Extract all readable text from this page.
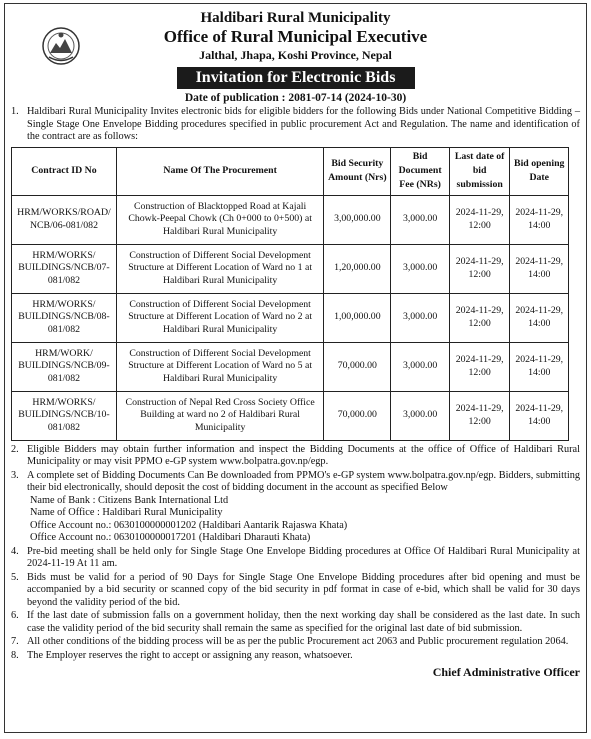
Haldibari Rural Municipality
Office of Rural Municipal Executive
Jalthal, Jhapa, Koshi Province, Nepal
Invitation for Electronic Bids
Date of publication : 2081-07-14 (2024-10-30)
1. Haldibari Rural Municipality Invites electronic bids for eligible bidders for the following Bids under National Competitive Bidding – Single Stage One Envelope Bidding procedures specified in public procurement Act and Regulation. The name and identification of the contract are as follows:
Contract ID No	Name Of The Procurement	Bid Security Amount (Nrs)	Bid Document Fee (NRs)	Last date of bid submission	Bid opening Date
HRM/WORKS/ROAD/ NCB/06-081/082	Construction of Blacktopped Road at Kajali Chowk-Peepal Chowk (Ch 0+000 to 0+500) at Haldibari Rural Municipality	3,00,000.00	3,000.00	2024-11-29, 12:00	2024-11-29, 14:00
HRM/WORKS/ BUILDINGS/NCB/07-081/082	Construction of Different Social Development Structure at Different Location of Ward no 1 at Haldibari Rural Municipality	1,20,000.00	3,000.00	2024-11-29, 12:00	2024-11-29, 14:00
HRM/WORKS/ BUILDINGS/NCB/08-081/082	Construction of Different Social Development Structure at Different Location of Ward no 2 at Haldibari Rural Municipality	1,00,000.00	3,000.00	2024-11-29, 12:00	2024-11-29, 14:00
HRM/WORK/ BUILDINGS/NCB/09-081/082	Construction of Different Social Development Structure at Different Location of Ward no 5 at Haldibari Rural Municipality	70,000.00	3,000.00	2024-11-29, 12:00	2024-11-29, 14:00
HRM/WORKS/ BUILDINGS/NCB/10-081/082	Construction of Nepal Red Cross Society Office Building at ward no 2 of Haldibari Rural Municipality	70,000.00	3,000.00	2024-11-29, 12:00	2024-11-29, 14:00
2. Eligible Bidders may obtain further information and inspect the Bidding Documents at the office of Office of Haldibari Rural Municipality or may visit PPMO e-GP system www.bolpatra.gov.np/egp.
3. A complete set of Bidding Documents Can Be downloaded from PPMO's e-GP system www.bolpatra.gov.np/egp. Bidders, submitting their bid electronically, should deposit the cost of bidding document in the account as specified Below
Name of Bank : Citizens Bank International Ltd
Name of Office : Haldibari Rural Municipality
Office Account no.: 0630100000001202 (Haldibari Aantarik Rajaswa Khata)
Office Account no.: 0630100000017201 (Haldibari Dharauti Khata)
4. Pre-bid meeting shall be held only for Single Stage One Envelope Bidding procedures at Office Of Haldibari Rural Municipality at 2024-11-19 At 11 am.
5. Bids must be valid for a period of 90 Days for Single Stage One Envelope Bidding procedures after bid opening and must be accompanied by a bid security or scanned copy of the bid security in pdf format in case of e-bid, which shall be valid for 30 days beyond the validity period of the bid.
6. If the last date of submission falls on a government holiday, then the next working day shall be considered as the last date. In such case the validity period of the bid security shall remain the same as specified for the original last date of bid submission.
7. All other conditions of the bidding process will be as per the public Procurement act 2063 and Public procurement regulation 2064.
8. The Employer reserves the right to accept or assigning any reason, whatsoever.
Chief Administrative Officer
